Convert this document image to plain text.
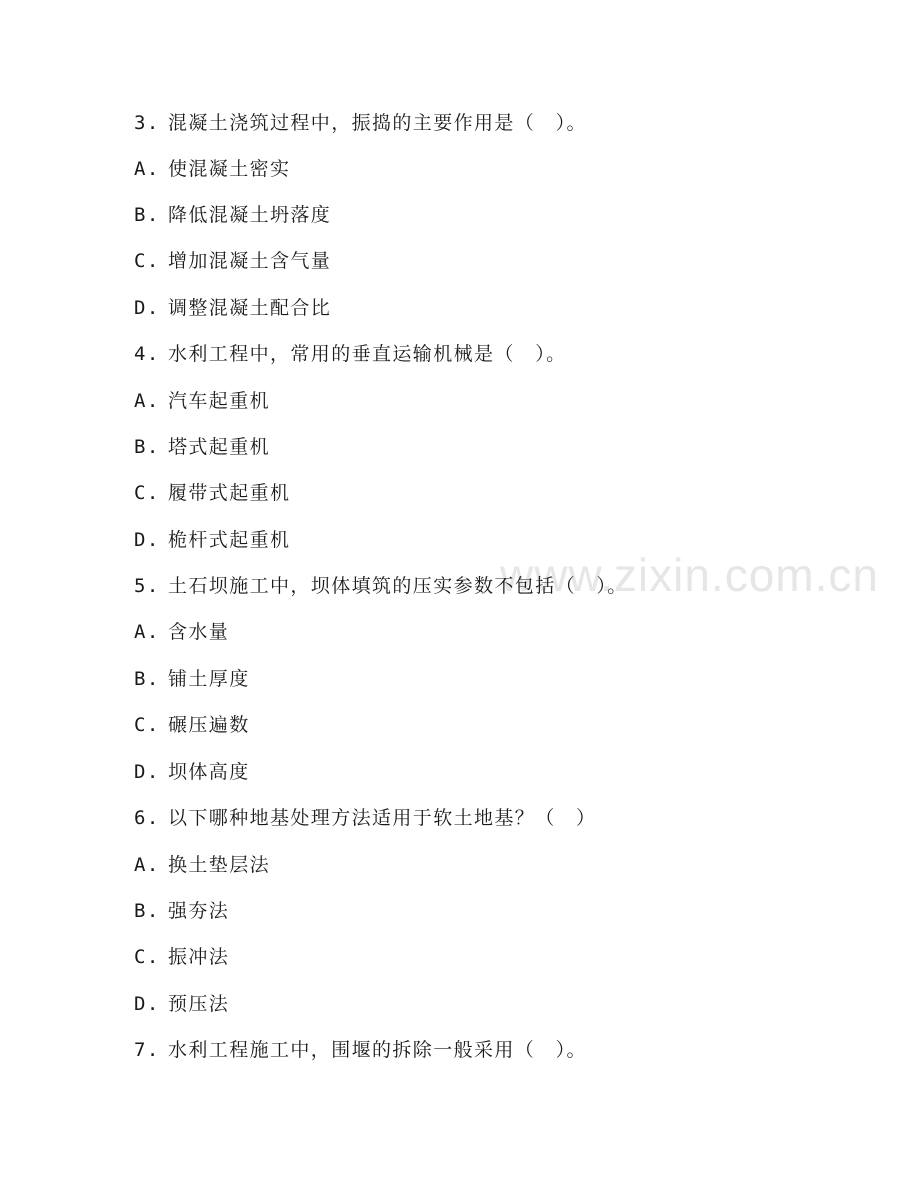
www.zixin.com.cn
3. 混凝土浇筑过程中，振捣的主要作用是（　）。
A. 使混凝土密实
B. 降低混凝土坍落度
C. 增加混凝土含气量
D. 调整混凝土配合比
4. 水利工程中，常用的垂直运输机械是（　）。
A. 汽车起重机
B. 塔式起重机
C. 履带式起重机
D. 桅杆式起重机
5. 土石坝施工中，坝体填筑的压实参数不包括（　）。
A. 含水量
B. 铺土厚度
C. 碾压遍数
D. 坝体高度
6. 以下哪种地基处理方法适用于软土地基？（　）
A. 换土垫层法
B. 强夯法
C. 振冲法
D. 预压法
7. 水利工程施工中，围堰的拆除一般采用（　）。
